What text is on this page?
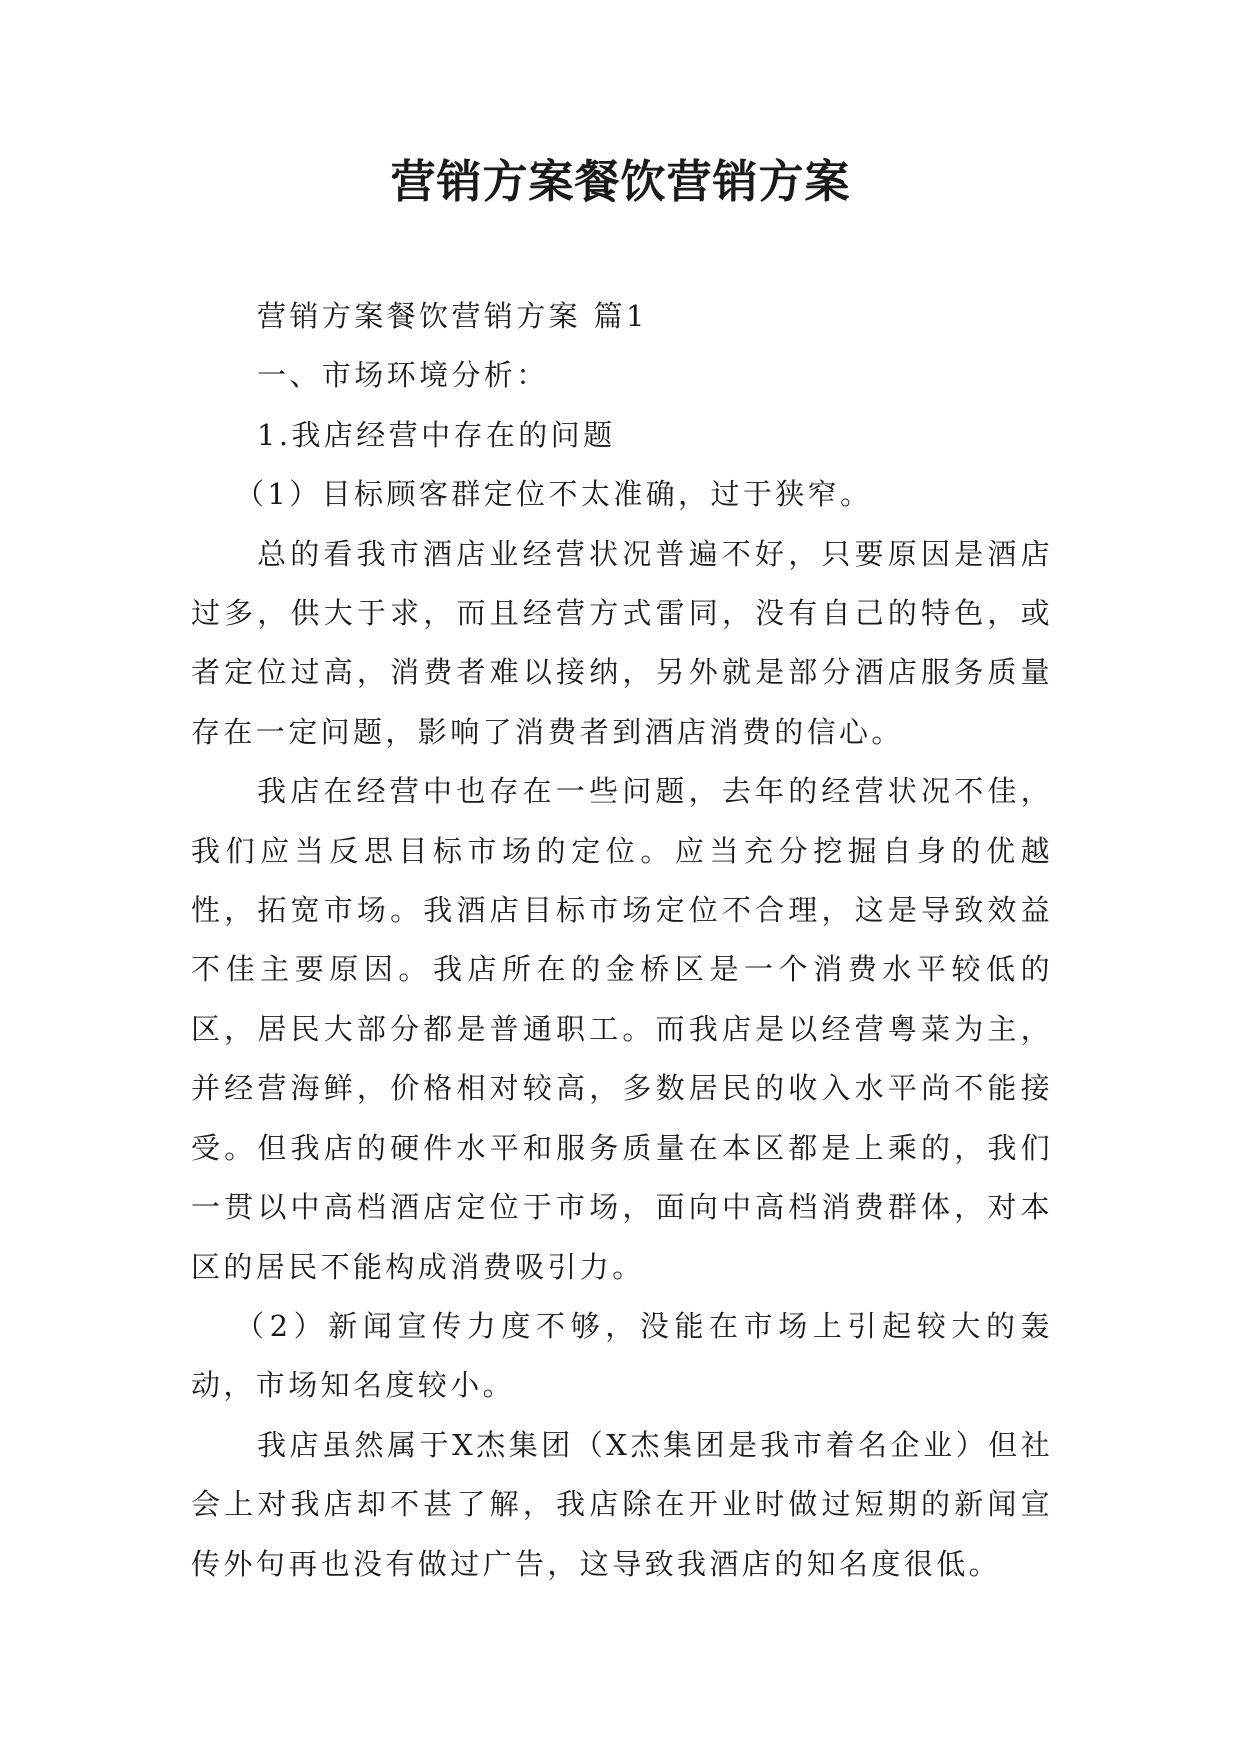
营销方案餐饮营销方案

营销方案餐饮营销方案 篇1

一、市场环境分析：

1.我店经营中存在的问题

（1）目标顾客群定位不太准确，过于狭窄。

总的看我市酒店业经营状况普遍不好，只要原因是酒店过多，供大于求，而且经营方式雷同，没有自己的特色，或者定位过高，消费者难以接纳，另外就是部分酒店服务质量存在一定问题，影响了消费者到酒店消费的信心。

我店在经营中也存在一些问题，去年的经营状况不佳，我们应当反思目标市场的定位。应当充分挖掘自身的优越性，拓宽市场。我酒店目标市场定位不合理，这是导致效益不佳主要原因。我店所在的金桥区是一个消费水平较低的区，居民大部分都是普通职工。而我店是以经营粤菜为主，并经营海鲜，价格相对较高，多数居民的收入水平尚不能接受。但我店的硬件水平和服务质量在本区都是上乘的，我们一贯以中高档酒店定位于市场，面向中高档消费群体，对本区的居民不能构成消费吸引力。

（2）新闻宣传力度不够，没能在市场上引起较大的轰动，市场知名度较小。

我店虽然属于X杰集团（X杰集团是我市着名企业）但社会上对我店却不甚了解，我店除在开业时做过短期的新闻宣传外句再也没有做过广告，这导致我酒店的知名度很低。
